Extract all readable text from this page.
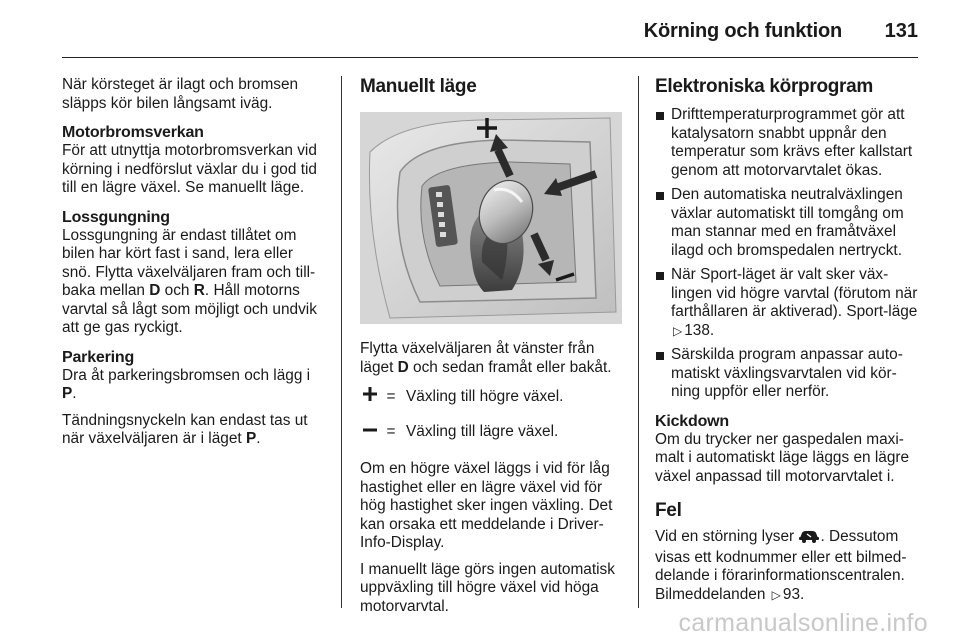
Körning och funktion 131

När körsteget är ilagt och bromsen släpps kör bilen långsamt iväg.

Motorbromsverkan

För att utnyttja motorbromsverkan vid körning i nedförslut växlar du i god tid till en lägre växel. Se manuellt läge.

Lossgungning

Lossgungning är endast tillåtet om bilen har kört fast i sand, lera eller snö. Flytta växelväljaren fram och till-baka mellan D och R. Håll motorns varvtal så lågt som möjligt och undvik att ge gas ryckigt.

Parkering

Dra åt parkeringsbromsen och lägg i P.

Tändningsnyckeln kan endast tas ut när växelväljaren är i läget P.

Manuellt läge

Flytta växelväljaren åt vänster från läget D och sedan framåt eller bakåt.

= Växling till högre växel.
= Växling till lägre växel.

Om en högre växel läggs i vid för låg hastighet eller en lägre växel vid för hög hastighet sker ingen växling. Det kan orsaka ett meddelande i Driver-Info-Display.

I manuellt läge görs ingen automatisk uppväxling till högre växel vid höga motorvarvtal.

Elektroniska körprogram
Drifttemperaturprogrammet gör att katalysatorn snabbt uppnår den temperatur som krävs efter kallstart genom att motorvarvtalet ökas.
Den automatiska neutralväxlingen växlar automatiskt till tomgång om man stannar med en framåtväxel ilagd och bromspedalen nertryckt.
När Sport-läget är valt sker väx-lingen vid högre varvtal (förutom när farthållaren är aktiverad). Sport-läge ▷ 138.
Särskilda program anpassar auto-matiskt växlingsvarvtalen vid kör-ning uppför eller nerför.
Kickdown

Om du trycker ner gaspedalen maxi-malt i automatiskt läge läggs en lägre växel anpassad till motorvarvtalet i.

Fel

Vid en störning lyser . Dessutom visas ett kodnummer eller ett bilmed-delande i förarinformationscentralen. Bilmeddelanden ▷ 93.

carmanualsonline.info
